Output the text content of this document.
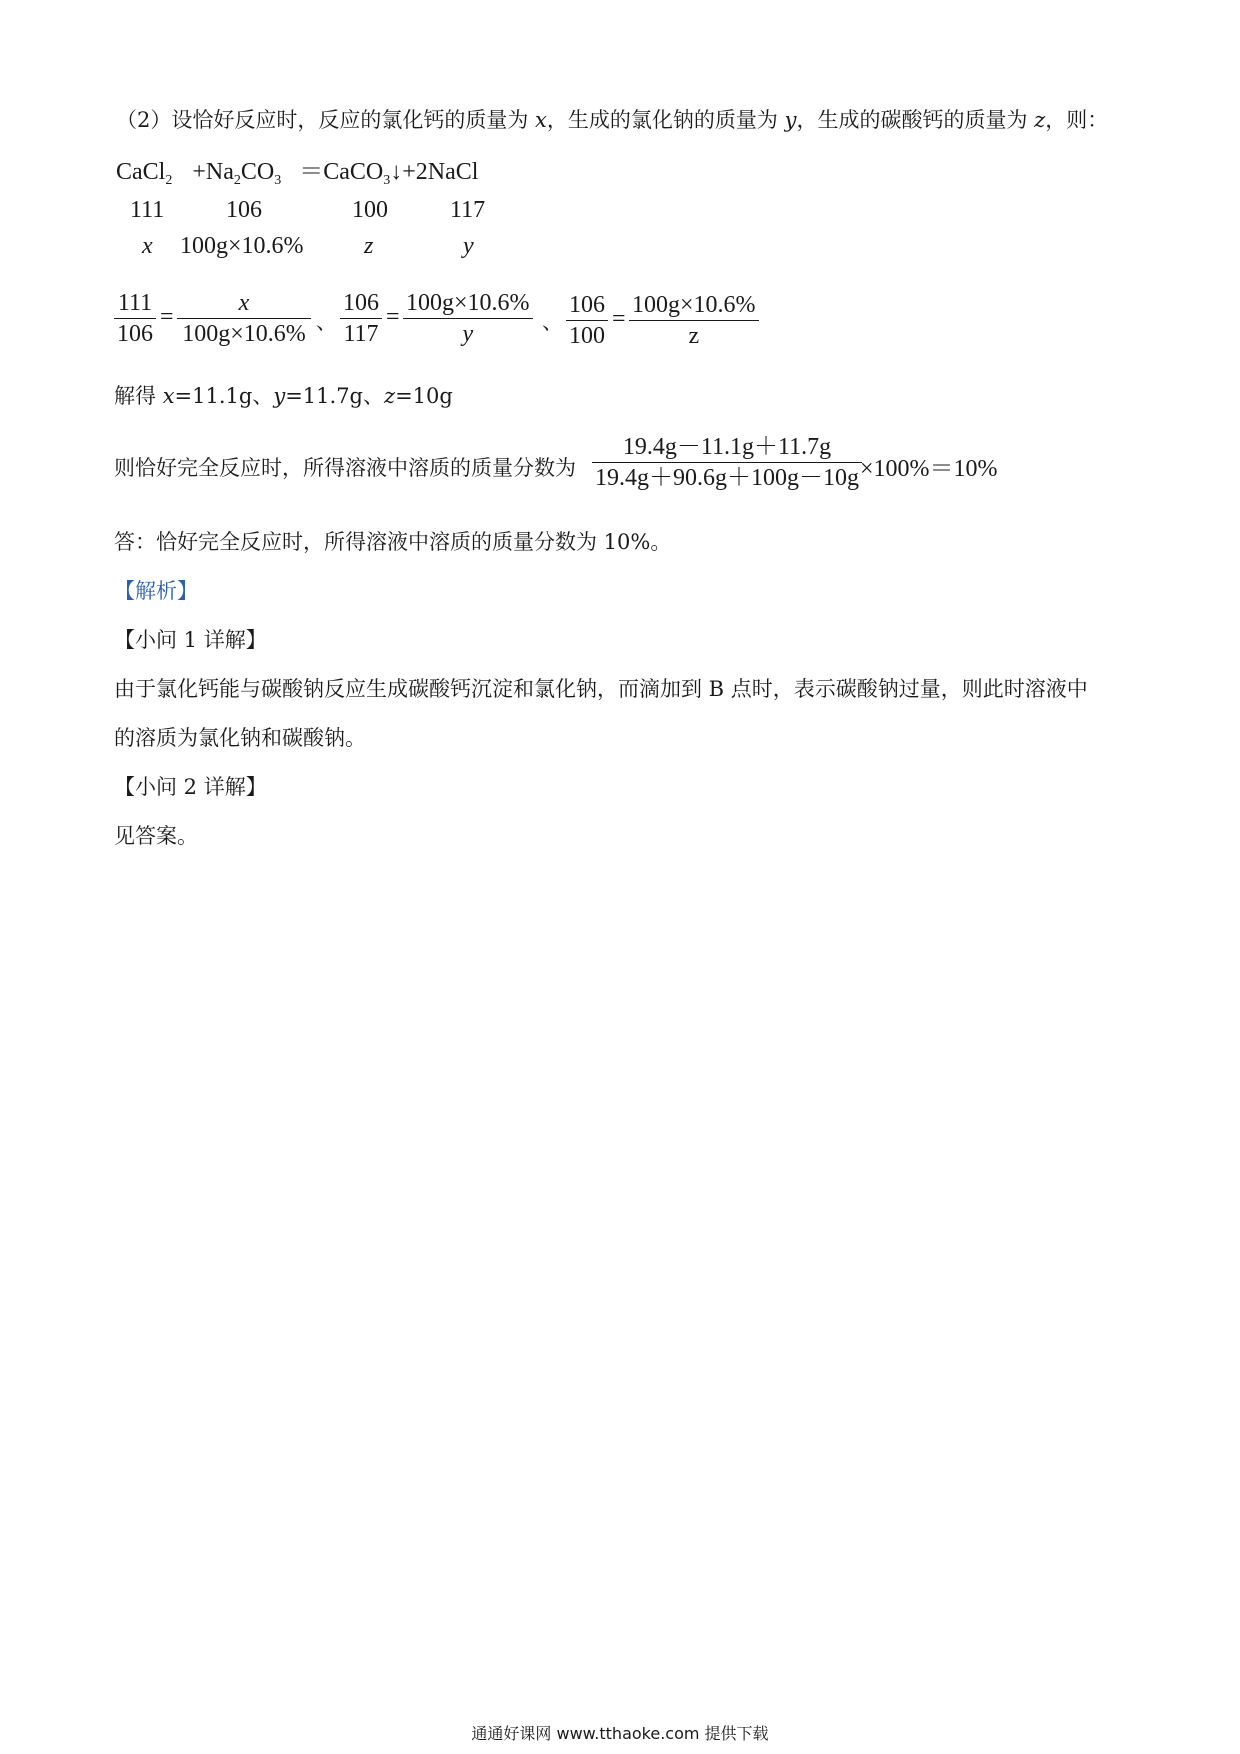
（2）设恰好反应时，反应的氯化钙的质量为 x，生成的氯化钠的质量为 y，生成的碳酸钙的质量为 z，则：
CaCl$_2$ $+Na_2CO_3$ ＝CaCO$_3$↓+2NaCl
111	106	100	117
x 100g×10.6%	z	y
111
106
=
x
100g×10.6% 、
106
117
=
100g×10.6%
y	、
106
100
=
100g×10.6%
z
解得 x=11.1g、y=11.7g、z=10g
则恰好完全反应时，所得溶液中溶质的质量分数为
19.4g－11.1g＋11.7g
19.4g＋90.6g＋100g－10g ×100%＝10%
答：恰好完全反应时，所得溶液中溶质的质量分数为 10%。
【解析】
【小问 1 详解】
由于氯化钙能与碳酸钠反应生成碳酸钙沉淀和氯化钠，而滴加到 B 点时，表示碳酸钠过量，则此时溶液中
的溶质为氯化钠和碳酸钠。
【小问 2 详解】
见答案。
通通好课网 www.tthaoke.com 提供下载
